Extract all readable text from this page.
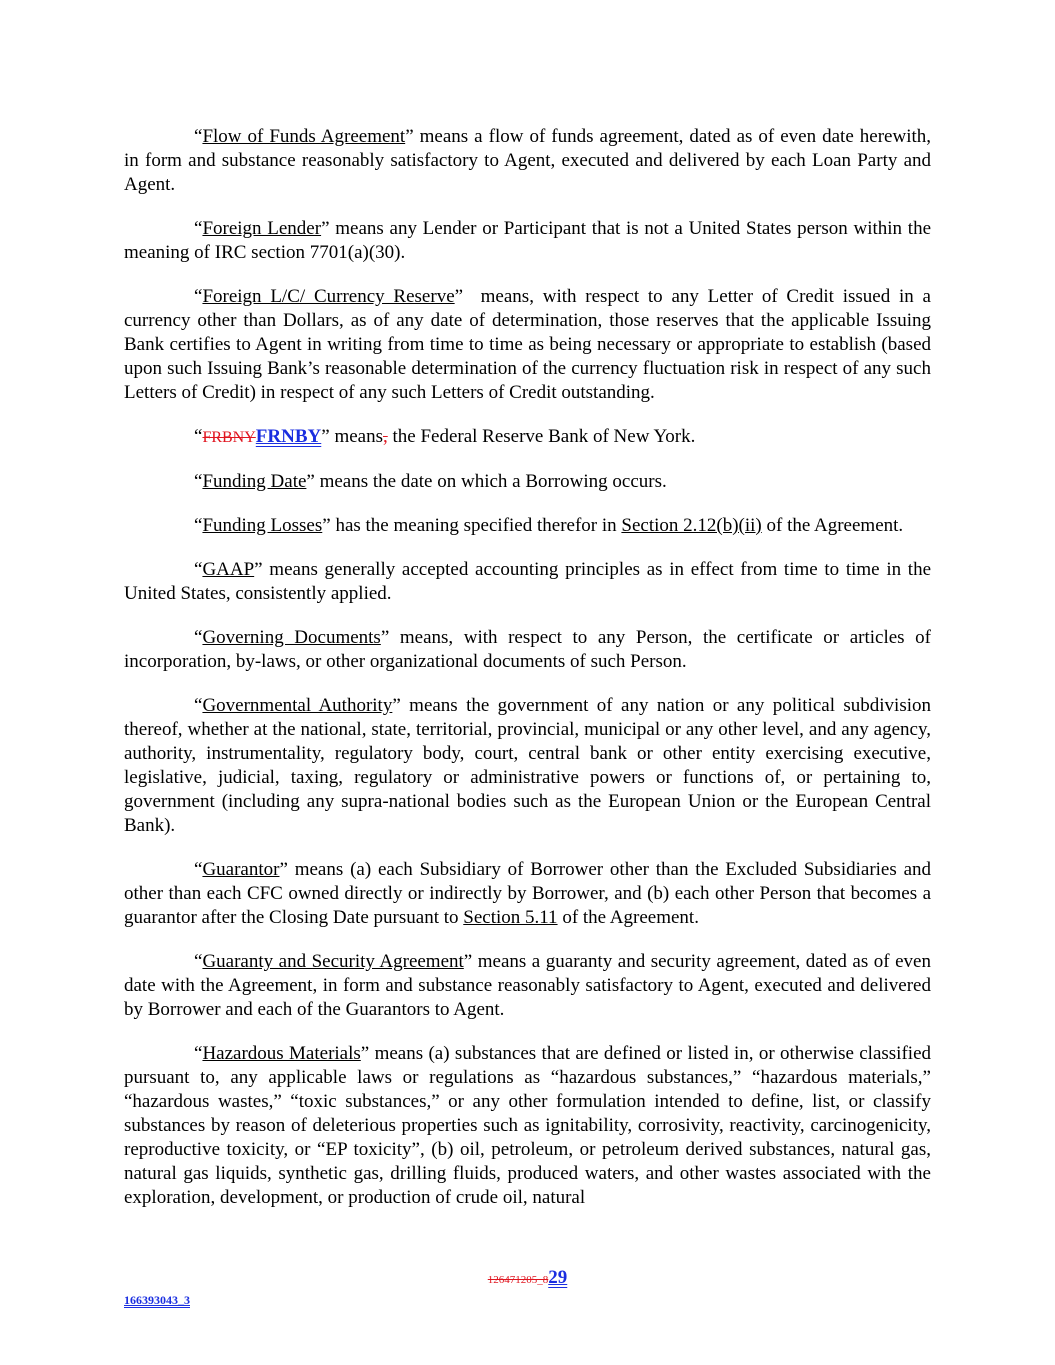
“Flow of Funds Agreement” means a flow of funds agreement, dated as of even date herewith, in form and substance reasonably satisfactory to Agent, executed and delivered by each Loan Party and Agent.

“Foreign Lender” means any Lender or Participant that is not a United States person within the meaning of IRC section 7701(a)(30).

“Foreign L/C/ Currency Reserve”  means, with respect to any Letter of Credit issued in a currency other than Dollars, as of any date of determination, those reserves that the applicable Issuing Bank certifies to Agent in writing from time to time as being necessary or appropriate to establish (based upon such Issuing Bank’s reasonable determination of the currency fluctuation risk in respect of any such Letters of Credit) in respect of any such Letters of Credit outstanding.

“FRBNYFRNBY” means, the Federal Reserve Bank of New York.

“Funding Date” means the date on which a Borrowing occurs.

“Funding Losses” has the meaning specified therefor in Section 2.12(b)(ii) of the Agreement.

“GAAP” means generally accepted accounting principles as in effect from time to time in the United States, consistently applied.

“Governing Documents” means, with respect to any Person, the certificate or articles of incorporation, by-laws, or other organizational documents of such Person.

“Governmental Authority” means the government of any nation or any political subdivision thereof, whether at the national, state, territorial, provincial, municipal or any other level, and any agency, authority, instrumentality, regulatory body, court, central bank or other entity exercising executive, legislative, judicial, taxing, regulatory or administrative powers or functions of, or pertaining to, government (including any supra-national bodies such as the European Union or the European Central Bank).

“Guarantor” means (a) each Subsidiary of Borrower other than the Excluded Subsidiaries and other than each CFC owned directly or indirectly by Borrower, and (b) each other Person that becomes a guarantor after the Closing Date pursuant to Section 5.11 of the Agreement.

“Guaranty and Security Agreement” means a guaranty and security agreement, dated as of even date with the Agreement, in form and substance reasonably satisfactory to Agent, executed and delivered by Borrower and each of the Guarantors to Agent.

“Hazardous Materials” means (a) substances that are defined or listed in, or otherwise classified pursuant to, any applicable laws or regulations as “hazardous substances,” “hazardous materials,” “hazardous wastes,” “toxic substances,” or any other formulation intended to define, list, or classify substances by reason of deleterious properties such as ignitability, corrosivity, reactivity, carcinogenicity, reproductive toxicity, or “EP toxicity”, (b) oil, petroleum, or petroleum derived substances, natural gas, natural gas liquids, synthetic gas, drilling fluids, produced waters, and other wastes associated with the exploration, development, or production of crude oil, natural

126471205_829
166393043_3
